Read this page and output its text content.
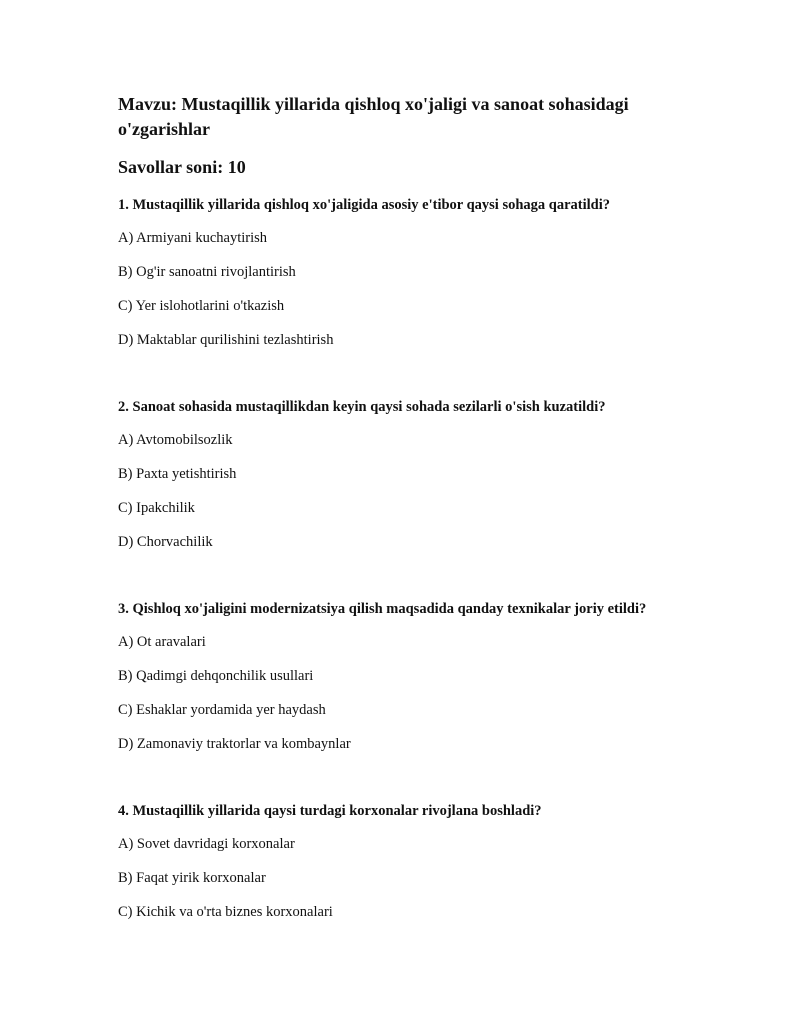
Mavzu: Mustaqillik yillarida qishloq xo'jaligi va sanoat sohasidagi o'zgarishlar
Savollar soni: 10

1. Mustaqillik yillarida qishloq xo'jaligida asosiy e'tibor qaysi sohaga qaratildi?

A) Armiyani kuchaytirish

B) Og'ir sanoatni rivojlantirish

C) Yer islohotlarini o'tkazish

D) Maktablar qurilishini tezlashtirish

2. Sanoat sohasida mustaqillikdan keyin qaysi sohada sezilarli o'sish kuzatildi?

A) Avtomobilsozlik

B) Paxta yetishtirish

C) Ipakchilik

D) Chorvachilik

3. Qishloq xo'jaligini modernizatsiya qilish maqsadida qanday texnikalar joriy etildi?

A) Ot aravalari

B) Qadimgi dehqonchilik usullari

C) Eshaklar yordamida yer haydash

D) Zamonaviy traktorlar va kombaynlar

4. Mustaqillik yillarida qaysi turdagi korxonalar rivojlana boshladi?

A) Sovet davridagi korxonalar

B) Faqat yirik korxonalar

C) Kichik va o'rta biznes korxonalari
